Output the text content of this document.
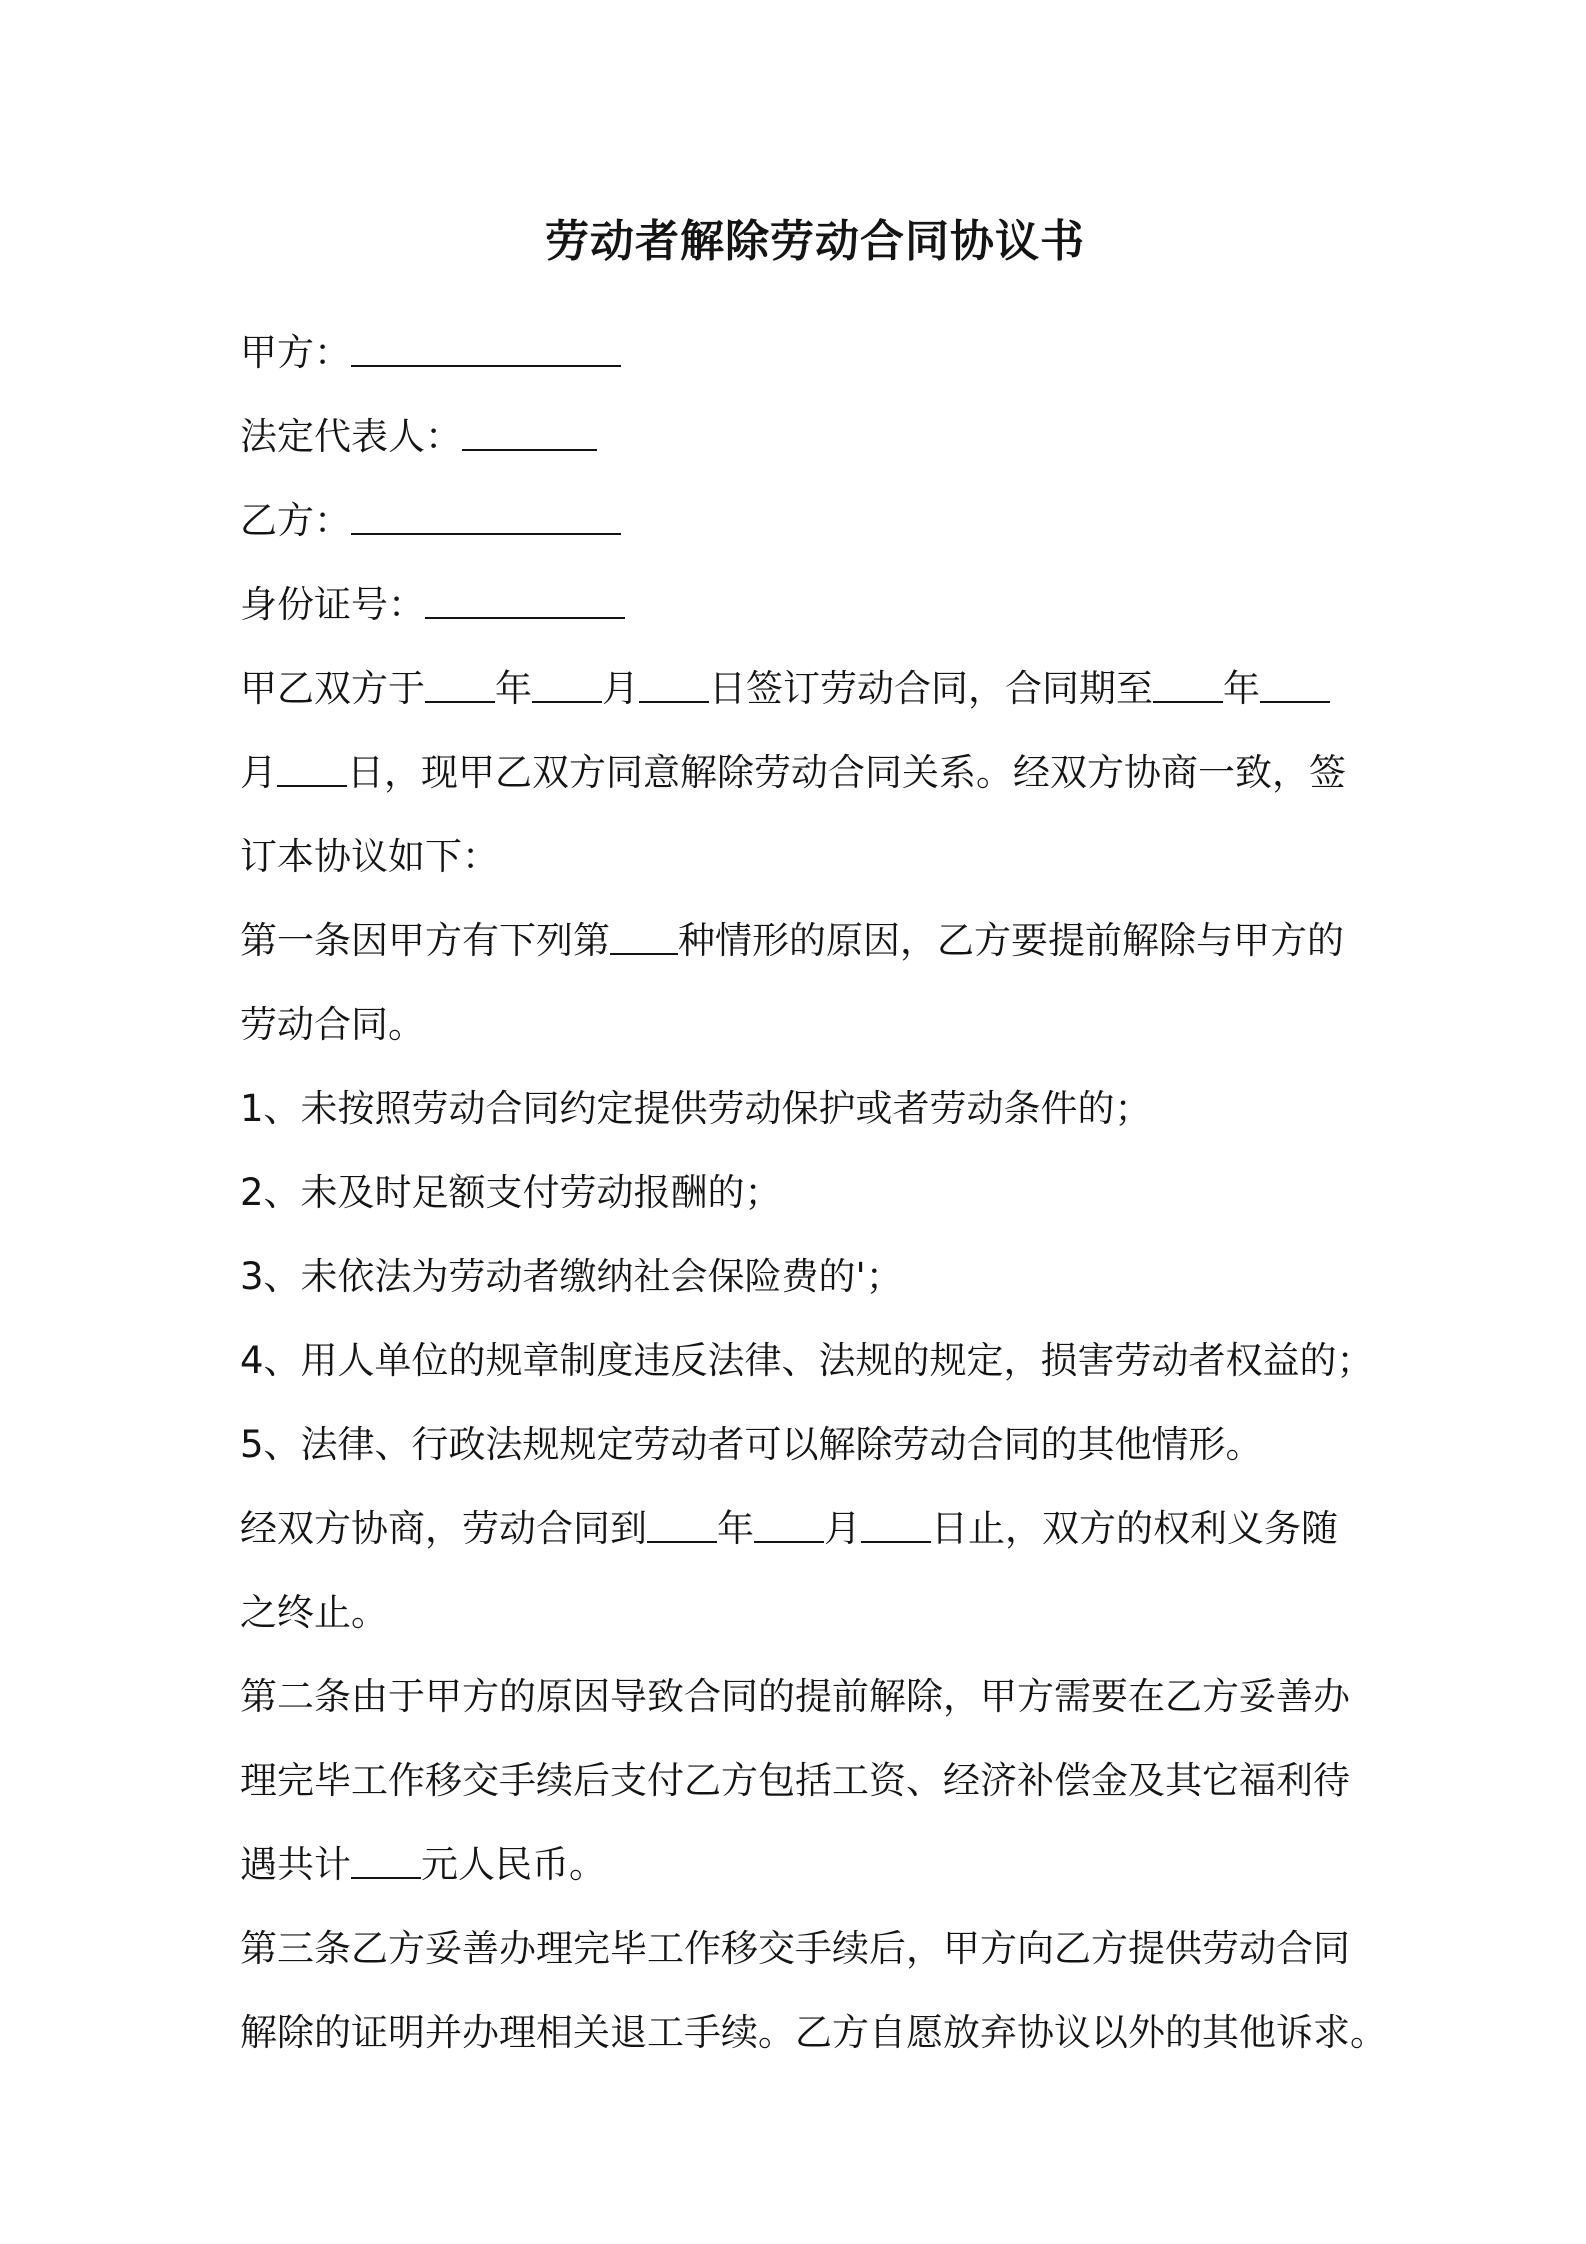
劳动者解除劳动合同协议书
甲方：
法定代表人：
乙方：
身份证号：
甲乙双方于 年 月 日签订劳动合同，合同期至 年
月 日，现甲乙双方同意解除劳动合同关系。经双方协商一致，签
订本协议如下：
第一条因甲方有下列第 种情形的原因，乙方要提前解除与甲方的
劳动合同。
1、未按照劳动合同约定提供劳动保护或者劳动条件的；
2、未及时足额支付劳动报酬的；
3、未依法为劳动者缴纳社会保险费的'；
4、用人单位的规章制度违反法律、法规的规定，损害劳动者权益的；
5、法律、行政法规规定劳动者可以解除劳动合同的其他情形。
经双方协商，劳动合同到 年 月 日止，双方的权利义务随
之终止。
第二条由于甲方的原因导致合同的提前解除，甲方需要在乙方妥善办
理完毕工作移交手续后支付乙方包括工资、经济补偿金及其它福利待
遇共计 元人民币。
第三条乙方妥善办理完毕工作移交手续后，甲方向乙方提供劳动合同
解除的证明并办理相关退工手续。乙方自愿放弃协议以外的其他诉求。
